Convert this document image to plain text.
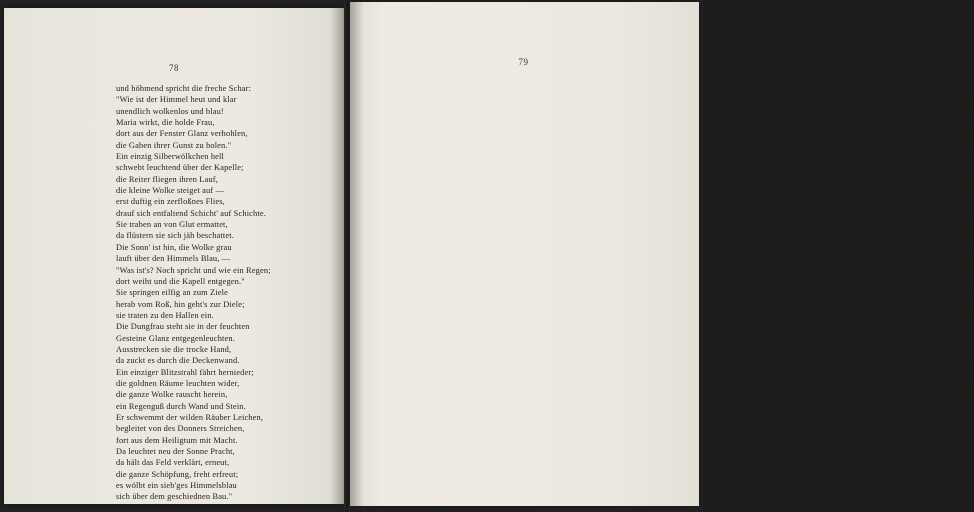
78
und höhmend spricht die freche Schar:
"Wie ist der Himmel heut und klar
unendlich wolkenlos und blau!
Maria wirkt, die holde Frau,
dort aus der Fenster Glanz verhohlen,
die Gaben ihrer Gunst zu holen."
Ein einzig Silberwölkchen hell
schwebt leuchtend über der Kapelle;
die Reiter fliegen ihren Lauf,
die kleine Wolke steiget auf —
erst duftig ein zerfloßnes Flies,
drauf sich entfaltend Schicht' auf Schichte.
Sie traben an von Glut ermattet,
da flüstern sie sich jäh beschattet.
Die Sonn' ist hin, die Wolke grau
lauft über den Himmels Blau, —
"Was ist's? Noch spricht und wie ein Regen;
dort weiht und die Kapell entgegen."
Sie springen eilfig an zum Ziele
herab vom Roß, hin geht's zur Diele;
sie traten zu den Hallen ein.
Die Dungfrau steht sie in der feuchten
Gesteine Glanz entgegenleuchten.
Ausstrecken sie die trocke Hand,
da zuckt es durch die Deckenwand.
Ein einziger Blitzstrahl fährt hernieder;
die goldnen Räume leuchten wider,
die ganze Wolke rauscht herein,
ein Regenguß durch Wand und Stein.
Er schwemmt der wilden Räuber Leichen,
begleitet von des Donners Streichen,
fort aus dem Heiligtum mit Macht.
Da leuchtet neu der Sonne Pracht,
da hält das Feld verklärt, erneut,
die ganze Schöpfung, freht erfreut;
es wölbt ein sieb'ges Himmelsblau
sich über dem geschiednen Bau."
79
c. Sagen vom Hochberg.

Dem Rosenstein weltwärts gegenüber liegt der Hochberg. Nach der Sage soll die alte Stadt Hobbach — Heubach — auf ihm gestanden haben. Der Chronist Crusius aus dem 16. Jahrhundert nennt sie „Hochstatt". Dafür sollen zeugen die vorhandenen Gräben und altes Mauerwerk, das aber wahrscheinlich von altkeltischen Befestigungen herrührt.

Auf dem Hochberg, sagt die Ueberlieferung, kamen früher die Hexen zusammen. Vor Jahren erzählte nach der Oberamtsbeschreibung ein Mädchen ihren Freundinnen: „Heut' nacht bin ich einmal an einem schönen Platz gewesen, meine Mutter hat mich auf den Hochberg mitgenommen. Dahin geht sie alle Mittwoch und Freitag Nacht. Da sind wir herumgesprungen und haben getanzt, sind dann durch Schlüssellöcher und Strohhalme geschlüpft, kamen auch in Lammwirts Keller und haben Wein getrunken usw.; s'war ja lustig heut nacht!" Durch Schulkameradinnen kam die Sache bald in der ganzen Stadt herum, und die Hexenmutter wurde verbrannt. Vom Hochberg geht auch ein kleines, weißes Fräulein, das man gewöhnlich das „Schloßfräulein" nennt, auf den Rosenstein und kommt bann bis an das sog. „Schloß" vor Heubach. Es führt die Menschen auf Irrwege, und niemand wagt es, die Erscheinung zu fragen.

d. Die niesende Schlange aus Heubach.

„In dem Walde zwischen Heubach und dem Dorfe Lauterburg traf ein Glaser aus Heubach, der öfters in diesem Dorfe zu tun hatte, eine bunte Otter; die niefte wie ein Mensch und zwar stets dreimal, so oft er vorbei kam. Er traf sie immer an derselben Stelle bei einer
